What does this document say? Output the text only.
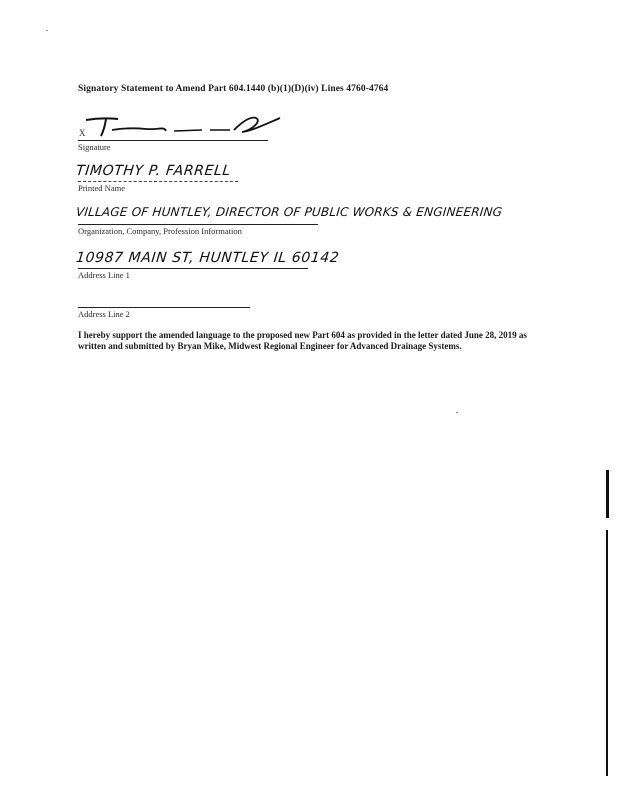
Signatory Statement to Amend Part 604.1440 (b)(1)(D)(iv) Lines 4760-4764
X
Signature
TIMOTHY P. FARRELL
Printed Name
VILLAGE OF HUNTLEY, DIRECTOR OF PUBLIC WORKS & ENGINEERING
Organization, Company, Profession Information
10987 MAIN ST, HUNTLEY IL 60142
Address Line 1
Address Line 2
I hereby support the amended language to the proposed new Part 604 as provided in the letter dated June 28, 2019 as written and submitted by Bryan Mike, Midwest Regional Engineer for Advanced Drainage Systems.
